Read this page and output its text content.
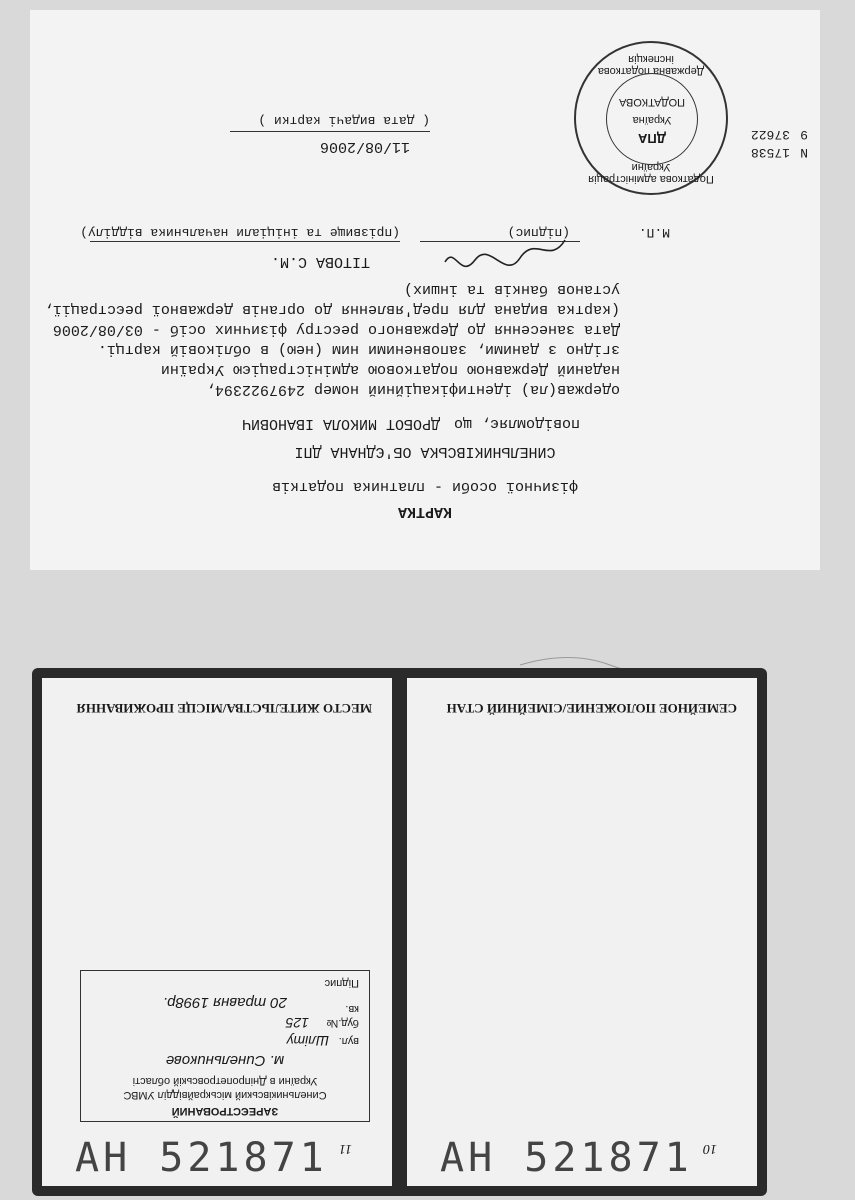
КАРТКА
фізичної особи - платника податків
СИНЕЛЬНИКІВСЬКА ОБ'ЄДНАНА ДПІ
повідомляє, що
ДРОБОТ МИКОЛА ІВАНОВИЧ
одержав(ла) ідентифікаційний номер 2497922394,
наданий Державною податковою адміністрацією України
згідно з даними, заповненими ним (нею) в обліковій картці.
Дата занесення до Державного реєстру фізичних осіб - 03/08/2006
(картка видана для пред'явлення до органів державної реєстрації,
установ банків та інших)
ТІТОВА С.М.
М.П.
(підпис)
(прізвище та ініціали начальника відділу)
11/08/2006
( дата видачі картки )
N
17538
37622 9
Податкова адміністрація України
Державна податкова інспекція
ДПА
Україна
ПОДАТКОВА
10
СЕМЕЙНОЕ ПОЛОЖЕНИЕ/СІМЕЙНИЙ СТАН
11
МЕСТО ЖИТЕЛЬСТВА/МІСЦЕ ПРОЖИВАННЯ
АН 521871	АН 521871
ЗАРЕЄСТРОВАНИЙ
Синельниківський міськрайвідділ УМВС
України в Дніпропетровській області
м. Синельникове
вул.
Шліту
буд.№
125
кв.
20 травня 1998р.
Підпис
